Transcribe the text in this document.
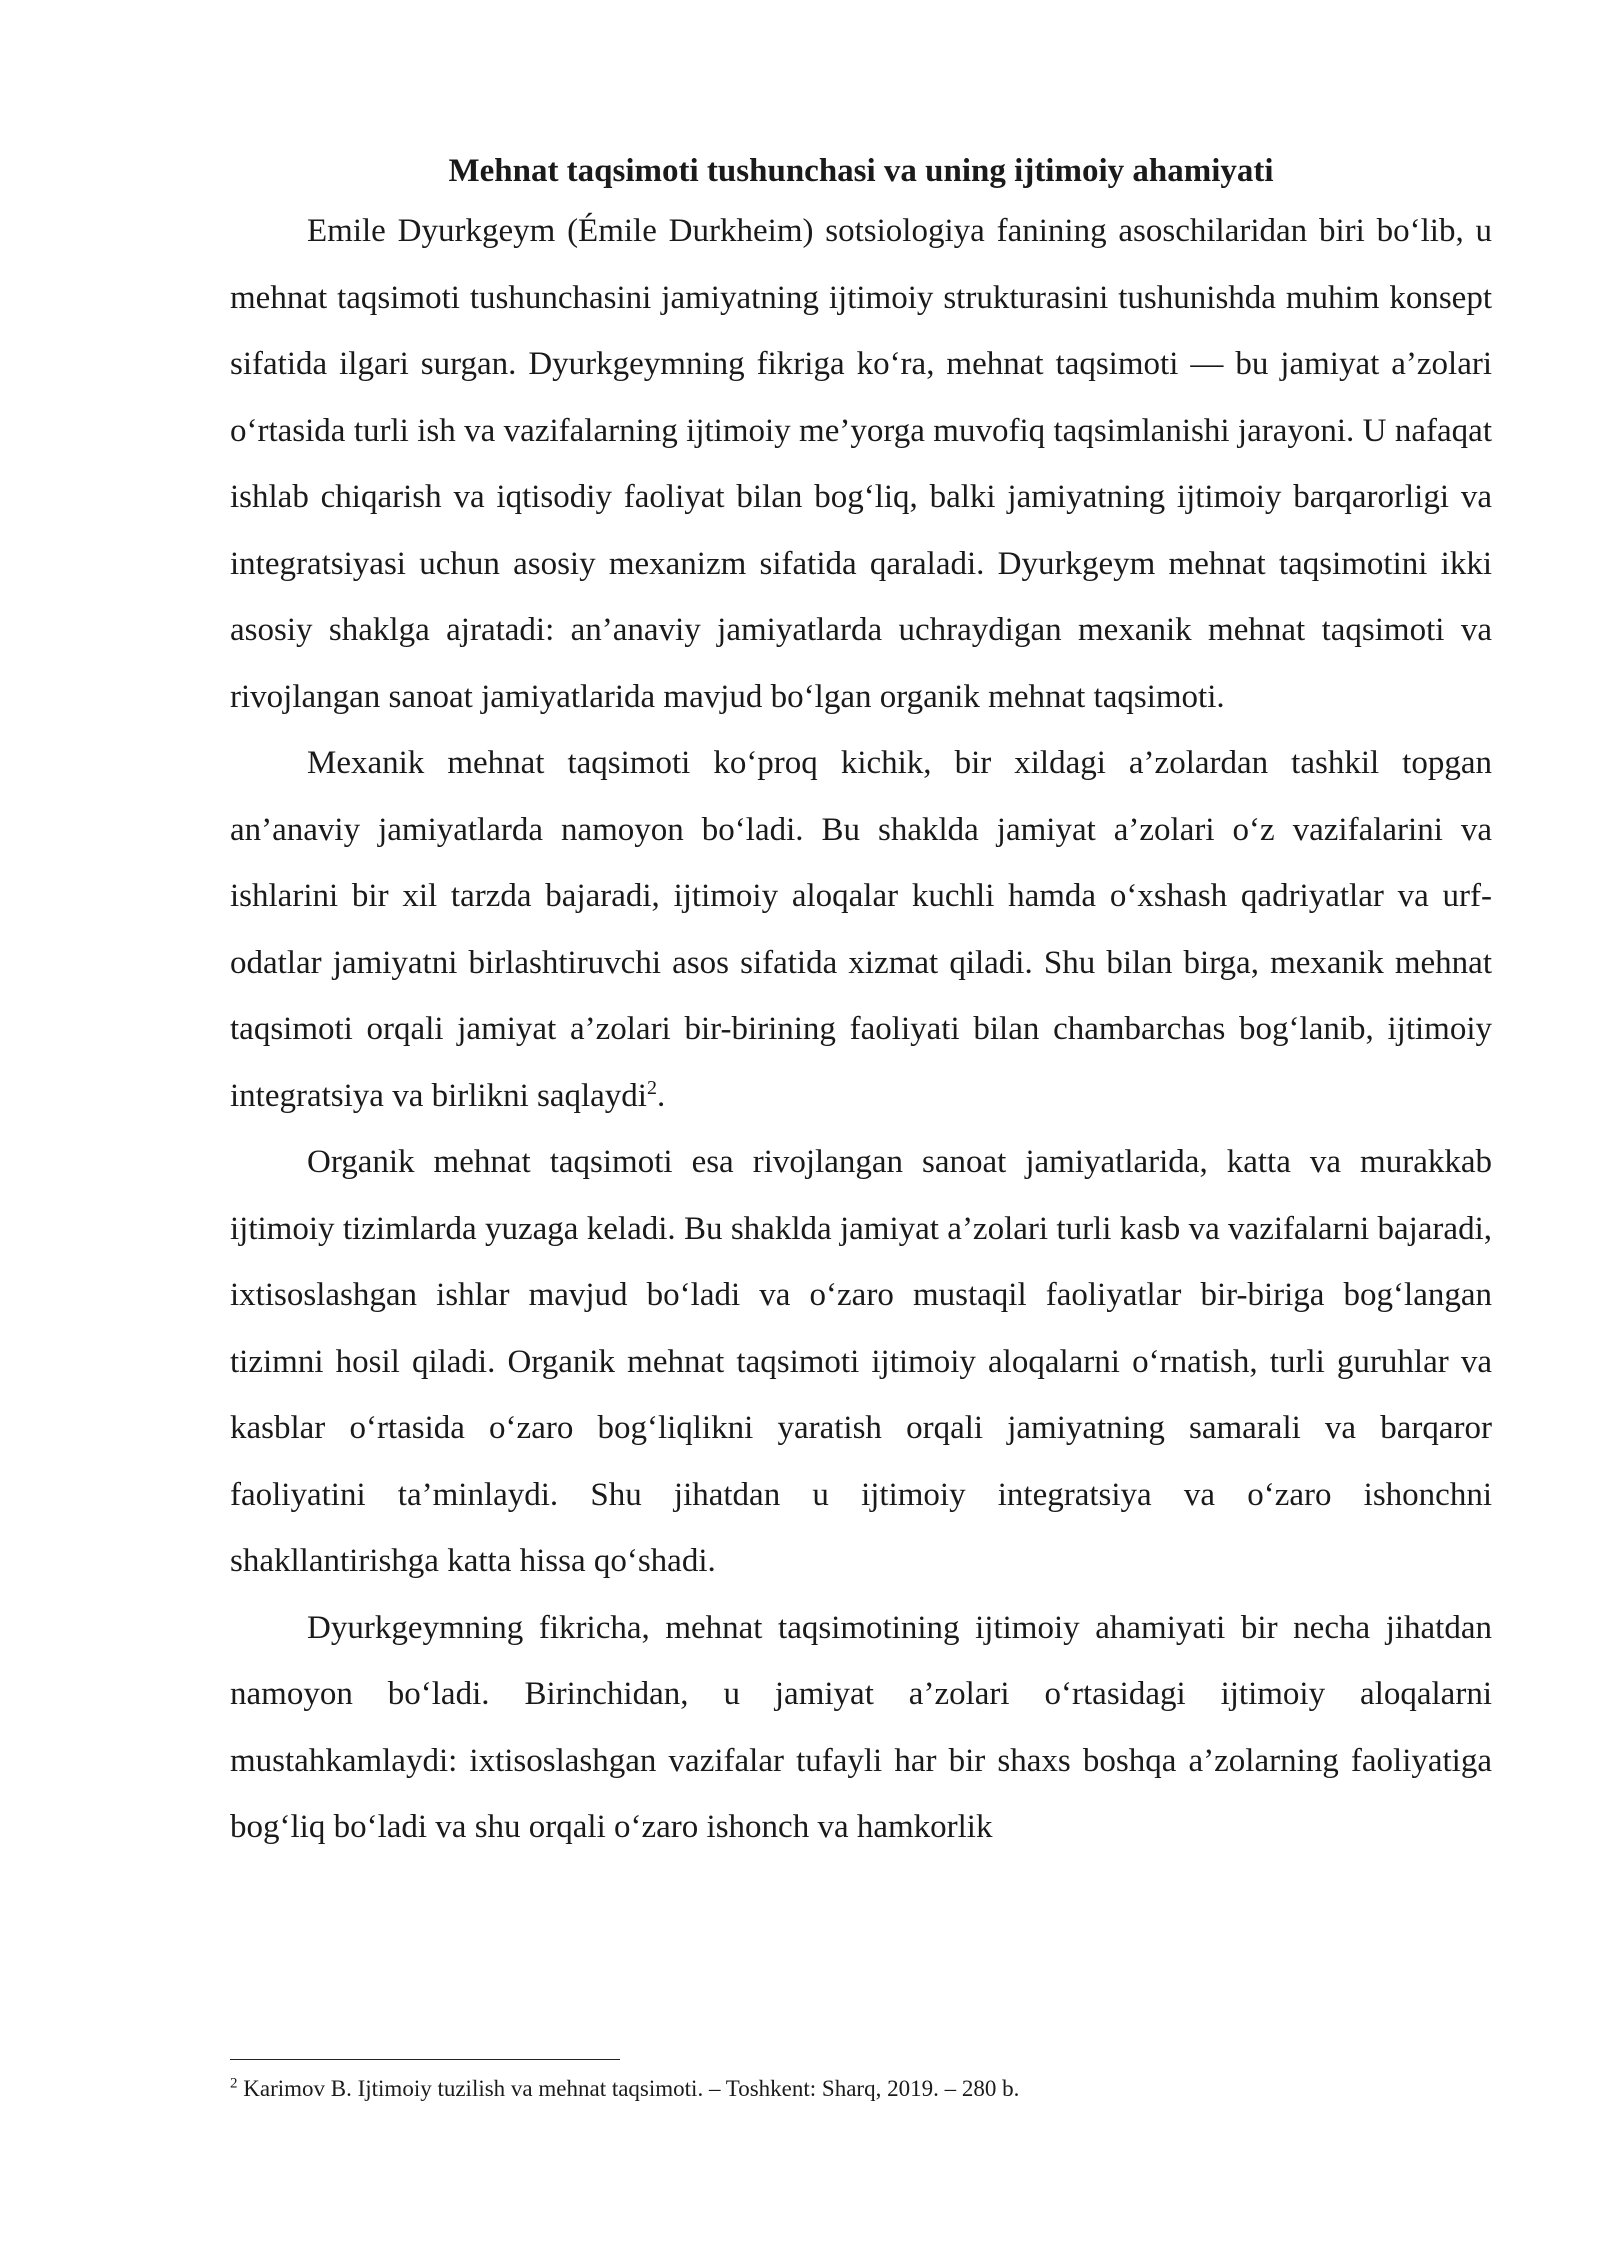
Mehnat taqsimoti tushunchasi va uning ijtimoiy ahamiyati

Emile Dyurkgeym (Émile Durkheim) sotsiologiya fanining asoschilaridan biri bo‘lib, u mehnat taqsimoti tushunchasini jamiyatning ijtimoiy strukturasini tushunishda muhim konsept sifatida ilgari surgan. Dyurkgeymning fikriga ko‘ra, mehnat taqsimoti — bu jamiyat a’zolari o‘rtasida turli ish va vazifalarning ijtimoiy me’yorga muvofiq taqsimlanishi jarayoni. U nafaqat ishlab chiqarish va iqtisodiy faoliyat bilan bog‘liq, balki jamiyatning ijtimoiy barqarorligi va integratsiyasi uchun asosiy mexanizm sifatida qaraladi. Dyurkgeym mehnat taqsimotini ikki asosiy shaklga ajratadi: an’anaviy jamiyatlarda uchraydigan mexanik mehnat taqsimoti va rivojlangan sanoat jamiyatlarida mavjud bo‘lgan organik mehnat taqsimoti.

Mexanik mehnat taqsimoti ko‘proq kichik, bir xildagi a’zolardan tashkil topgan an’anaviy jamiyatlarda namoyon bo‘ladi. Bu shaklda jamiyat a’zolari o‘z vazifalarini va ishlarini bir xil tarzda bajaradi, ijtimoiy aloqalar kuchli hamda o‘xshash qadriyatlar va urf-odatlar jamiyatni birlashtiruvchi asos sifatida xizmat qiladi. Shu bilan birga, mexanik mehnat taqsimoti orqali jamiyat a’zolari bir-birining faoliyati bilan chambarchas bog‘lanib, ijtimoiy integratsiya va birlikni saqlaydi$^2$.

Organik mehnat taqsimoti esa rivojlangan sanoat jamiyatlarida, katta va murakkab ijtimoiy tizimlarda yuzaga keladi. Bu shaklda jamiyat a’zolari turli kasb va vazifalarni bajaradi, ixtisoslashgan ishlar mavjud bo‘ladi va o‘zaro mustaqil faoliyatlar bir-biriga bog‘langan tizimni hosil qiladi. Organik mehnat taqsimoti ijtimoiy aloqalarni o‘rnatish, turli guruhlar va kasblar o‘rtasida o‘zaro bog‘liqlikni yaratish orqali jamiyatning samarali va barqaror faoliyatini ta’minlaydi. Shu jihatdan u ijtimoiy integratsiya va o‘zaro ishonchni shakllantirishga katta hissa qo‘shadi.

Dyurkgeymning fikricha, mehnat taqsimotining ijtimoiy ahamiyati bir necha jihatdan namoyon bo‘ladi. Birinchidan, u jamiyat a’zolari o‘rtasidagi ijtimoiy aloqalarni mustahkamlaydi: ixtisoslashgan vazifalar tufayli har bir shaxs boshqa a’zolarning faoliyatiga bog‘liq bo‘ladi va shu orqali o‘zaro ishonch va hamkorlik

$^2$ Karimov B. Ijtimoiy tuzilish va mehnat taqsimoti. – Toshkent: Sharq, 2019. – 280 b.
